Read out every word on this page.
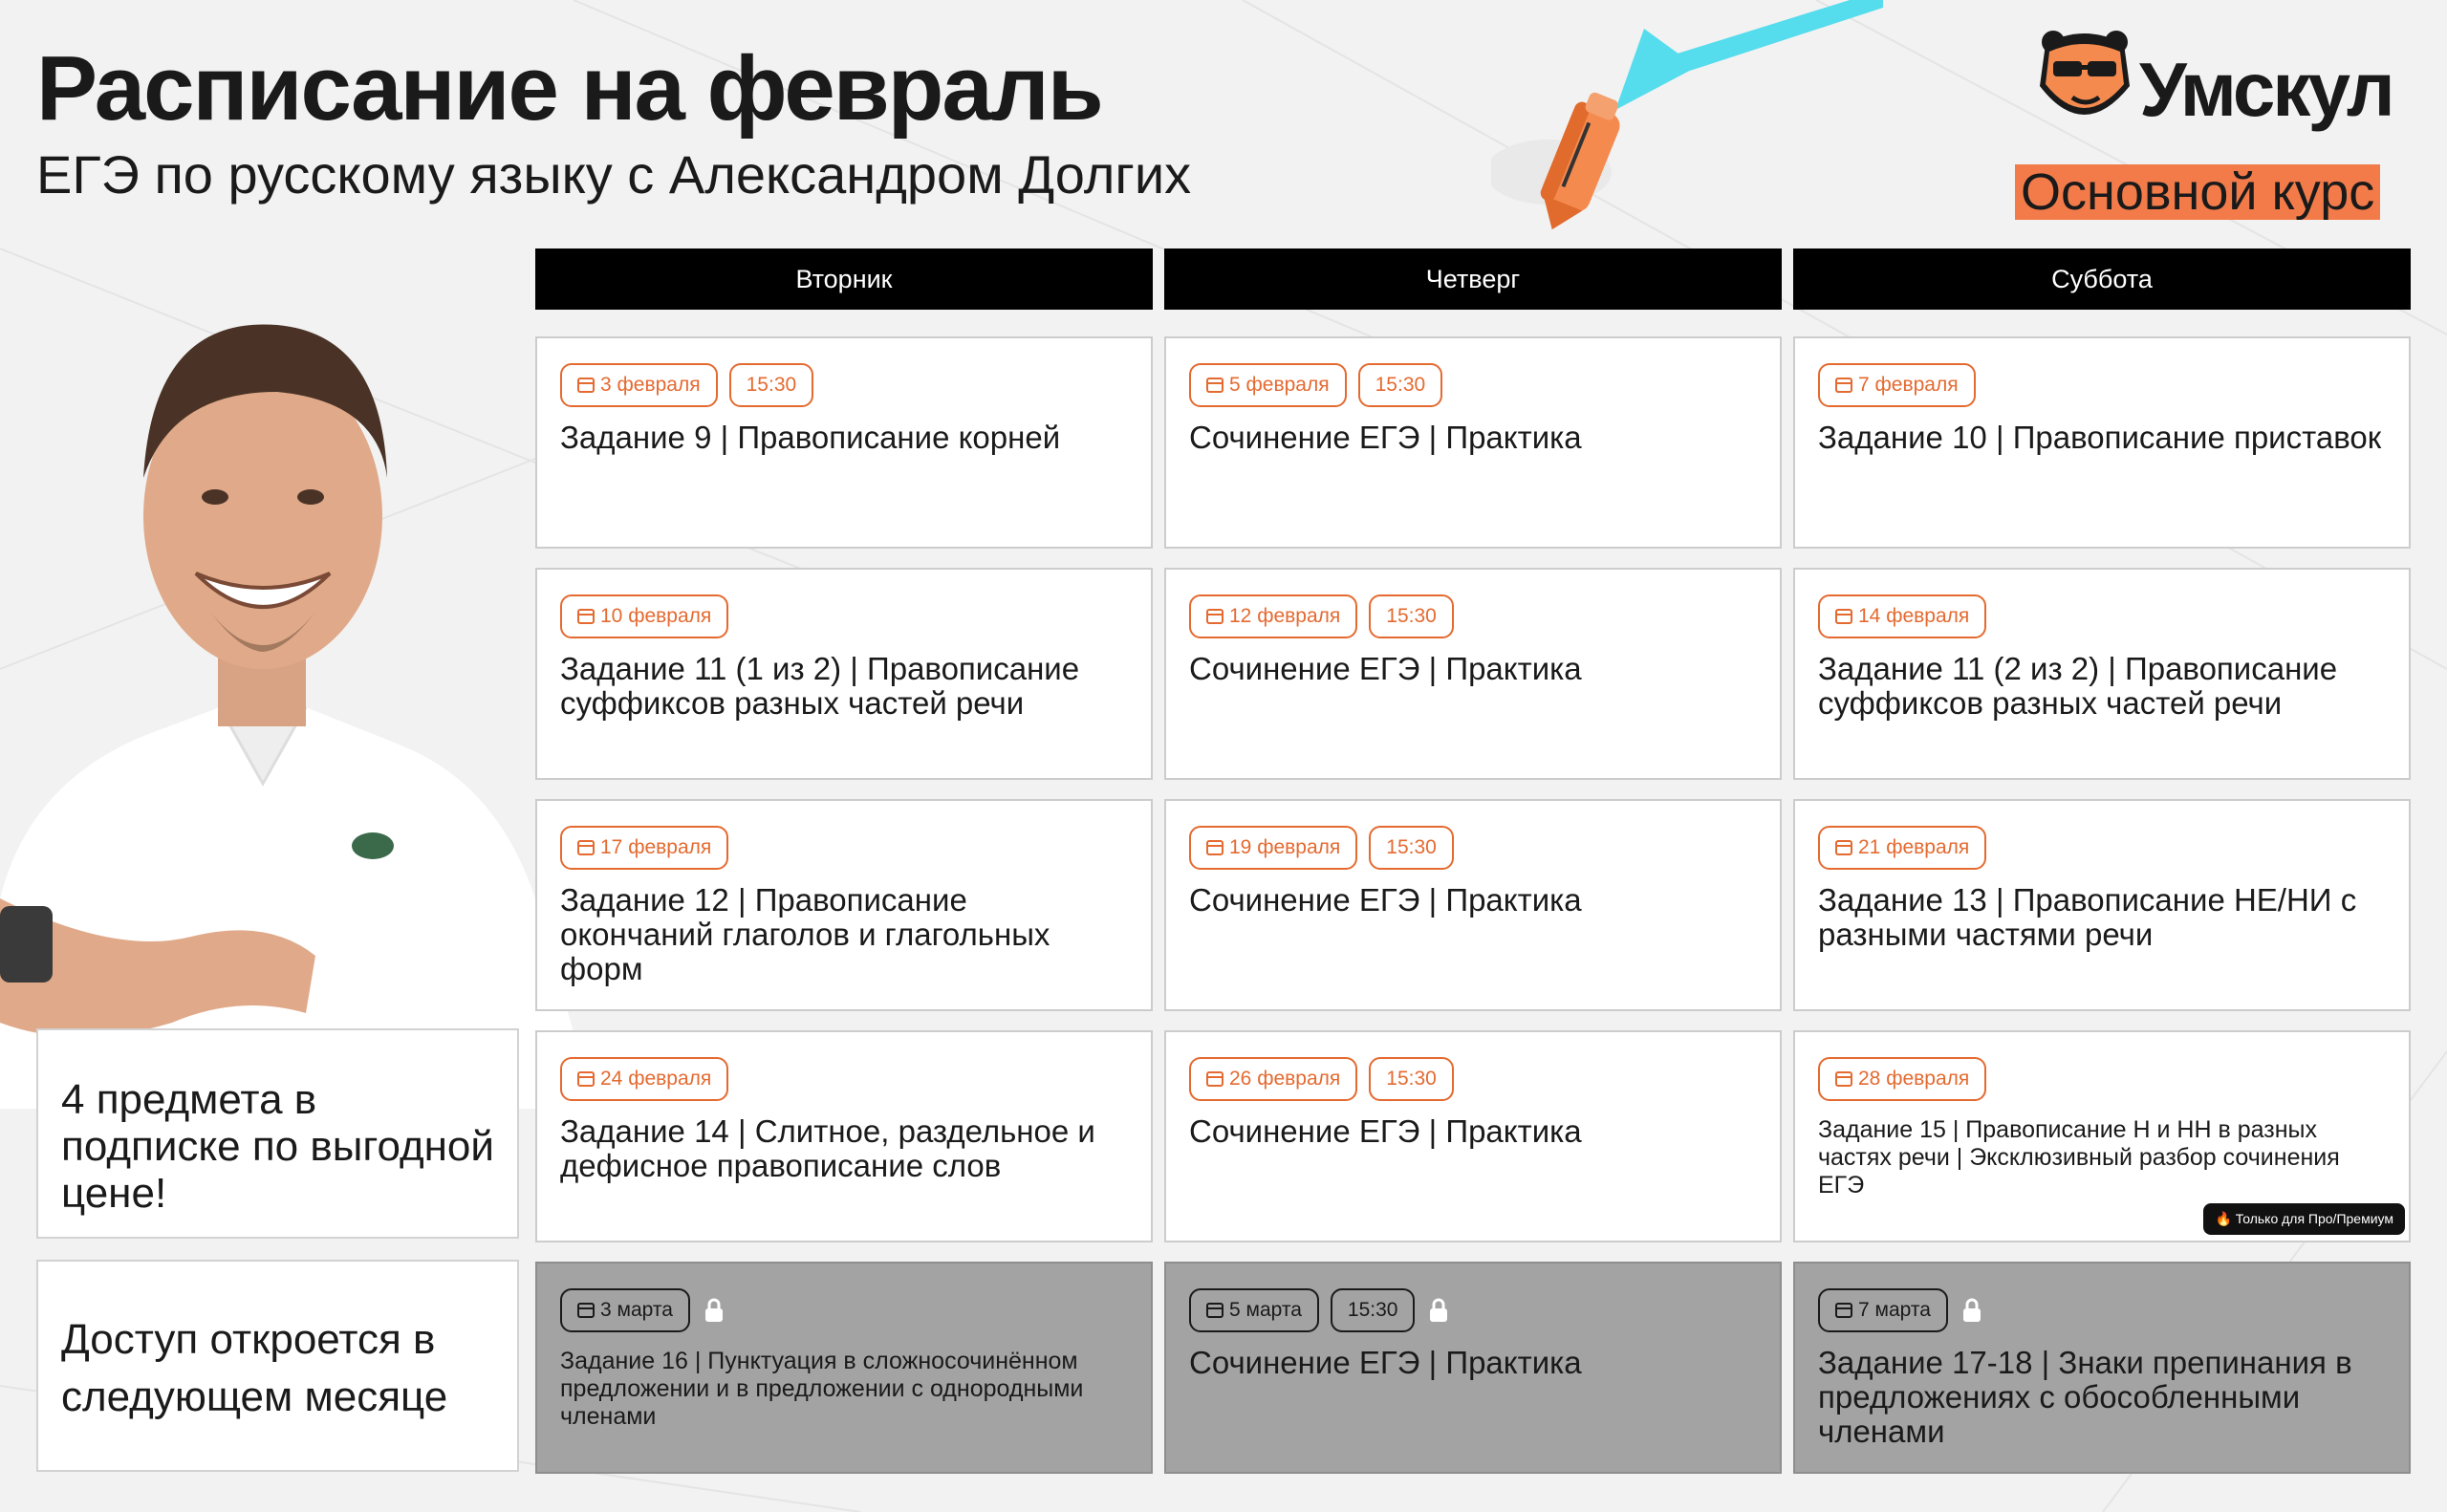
Расписание на февраль
ЕГЭ по русскому языку с Александром Долгих
Умскул
Основной курс
4 предмета в подписке по выгодной цене!
Доступ откроется в следующем месяце
Вторник	Четверг	Суббота
3 февраля	15:30
Задание 9 | Правописание корней
5 февраля	15:30
Сочинение ЕГЭ | Практика
7 февраля
Задание 10 | Правописание приставок
10 февраля
Задание 11 (1 из 2) | Правописание суффиксов разных частей речи
12 февраля	15:30
Сочинение ЕГЭ | Практика
14 февраля
Задание 11 (2 из 2) | Правописание суффиксов разных частей речи
17 февраля
Задание 12 | Правописание окончаний глаголов и глагольных форм
19 февраля	15:30
Сочинение ЕГЭ | Практика
21 февраля
Задание 13 | Правописание НЕ/НИ с разными частями речи
24 февраля
Задание 14 | Слитное, раздельное и дефисное правописание слов
26 февраля	15:30
Сочинение ЕГЭ | Практика
28 февраля
Задание 15 | Правописание Н и НН в разных частях речи | Эксклюзивный разбор сочинения ЕГЭ
🔥 Только для Про/Премиум
3 марта
Задание 16 | Пунктуация в сложносочинённом предложении и в предложении с однородными членами
5 марта	15:30
Сочинение ЕГЭ | Практика
7 марта
Задание 17-18 | Знаки препинания в предложениях с обособленными членами
